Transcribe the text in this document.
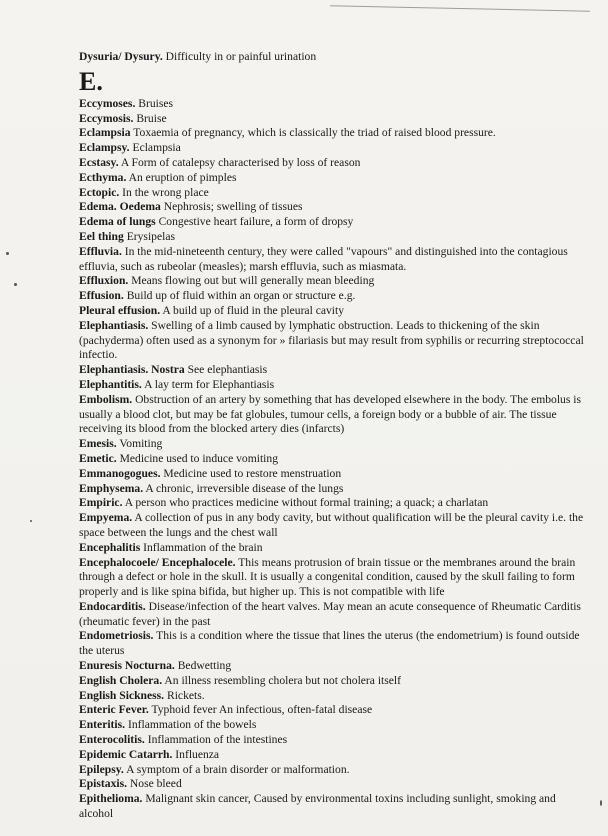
Dysuria/ Dysury. Difficulty in or painful urination

E.

Eccymoses. Bruises

Eccymosis. Bruise

Eclampsia Toxaemia of pregnancy, which is classically the triad of raised blood pressure.

Eclampsy. Eclampsia

Ecstasy. A Form of catalepsy characterised by loss of reason

Ecthyma. An eruption of pimples

Ectopic. In the wrong place

Edema. Oedema Nephrosis; swelling of tissues

Edema of lungs Congestive heart failure, a form of dropsy

Eel thing Erysipelas

Effluvia. In the mid-nineteenth century, they were called "vapours" and distinguished into the contagious effluvia, such as rubeolar (measles); marsh effluvia, such as miasmata.

Effluxion. Means flowing out but will generally mean bleeding

Effusion. Build up of fluid within an organ or structure e.g.

Pleural effusion. A build up of fluid in the pleural cavity

Elephantiasis. Swelling of a limb caused by lymphatic obstruction. Leads to thickening of the skin (pachyderma) often used as a synonym for » filariasis but may result from syphilis or recurring streptococcal infectio.

Elephantiasis. Nostra See elephantiasis

Elephantitis. A lay term for Elephantiasis

Embolism. Obstruction of an artery by something that has developed elsewhere in the body. The embolus is usually a blood clot, but may be fat globules, tumour cells, a foreign body or a bubble of air. The tissue receiving its blood from the blocked artery dies (infarcts)

Emesis. Vomiting

Emetic. Medicine used to induce vomiting

Emmanogogues. Medicine used to restore menstruation

Emphysema. A chronic, irreversible disease of the lungs

Empiric. A person who practices medicine without formal training; a quack; a charlatan

Empyema. A collection of pus in any body cavity, but without qualification will be the pleural cavity i.e. the space between the lungs and the chest wall

Encephalitis Inflammation of the brain

Encephalocoele/ Encephalocele. This means protrusion of brain tissue or the membranes around the brain through a defect or hole in the skull. It is usually a congenital condition, caused by the skull failing to form properly and is like spina bifida, but higher up. This is not compatible with life

Endocarditis. Disease/infection of the heart valves. May mean an acute consequence of Rheumatic Carditis (rheumatic fever) in the past

Endometriosis. This is a condition where the tissue that lines the uterus (the endometrium) is found outside the uterus

Enuresis Nocturna. Bedwetting

English Cholera. An illness resembling cholera but not cholera itself

English Sickness. Rickets.

Enteric Fever. Typhoid fever An infectious, often-fatal disease

Enteritis. Inflammation of the bowels

Enterocolitis. Inflammation of the intestines

Epidemic Catarrh. Influenza

Epilepsy. A symptom of a brain disorder or malformation.

Epistaxis. Nose bleed

Epithelioma. Malignant skin cancer, Caused by environmental toxins including sunlight, smoking and alcohol
